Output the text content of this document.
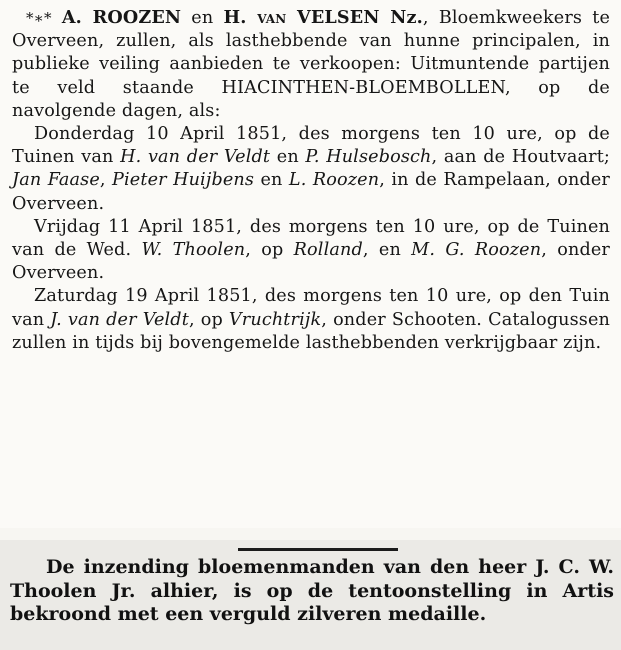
*∗* A. ROOZEN en H. van VELSEN Nz., Bloemkweekers te Overveen, zullen, als lasthebbende van hunne principalen, in publieke veiling aanbieden te verkoopen: Uitmuntende partijen te veld staande HIACINTHEN-BLOEMBOLLEN, op de navolgende dagen, als:

Donderdag 10 April 1851, des morgens ten 10 ure, op de Tuinen van H. van der Veldt en P. Hulsebosch, aan de Houtvaart; Jan Faase, Pieter Huijbens en L. Roozen, in de Rampelaan, onder Overveen.

Vrijdag 11 April 1851, des morgens ten 10 ure, op de Tuinen van de Wed. W. Thoolen, op Rolland, en M. G. Roozen, onder Overveen.

Zaturdag 19 April 1851, des morgens ten 10 ure, op den Tuin van J. van der Veldt, op Vruchtrijk, onder Schooten. Catalogussen zullen in tijds bij bovengemelde lasthebbenden verkrijgbaar zijn.

De inzending bloemenmanden van den heer J. C. W. Thoolen Jr. alhier, is op de tentoonstelling in Artis bekroond met een verguld zilveren medaille.
